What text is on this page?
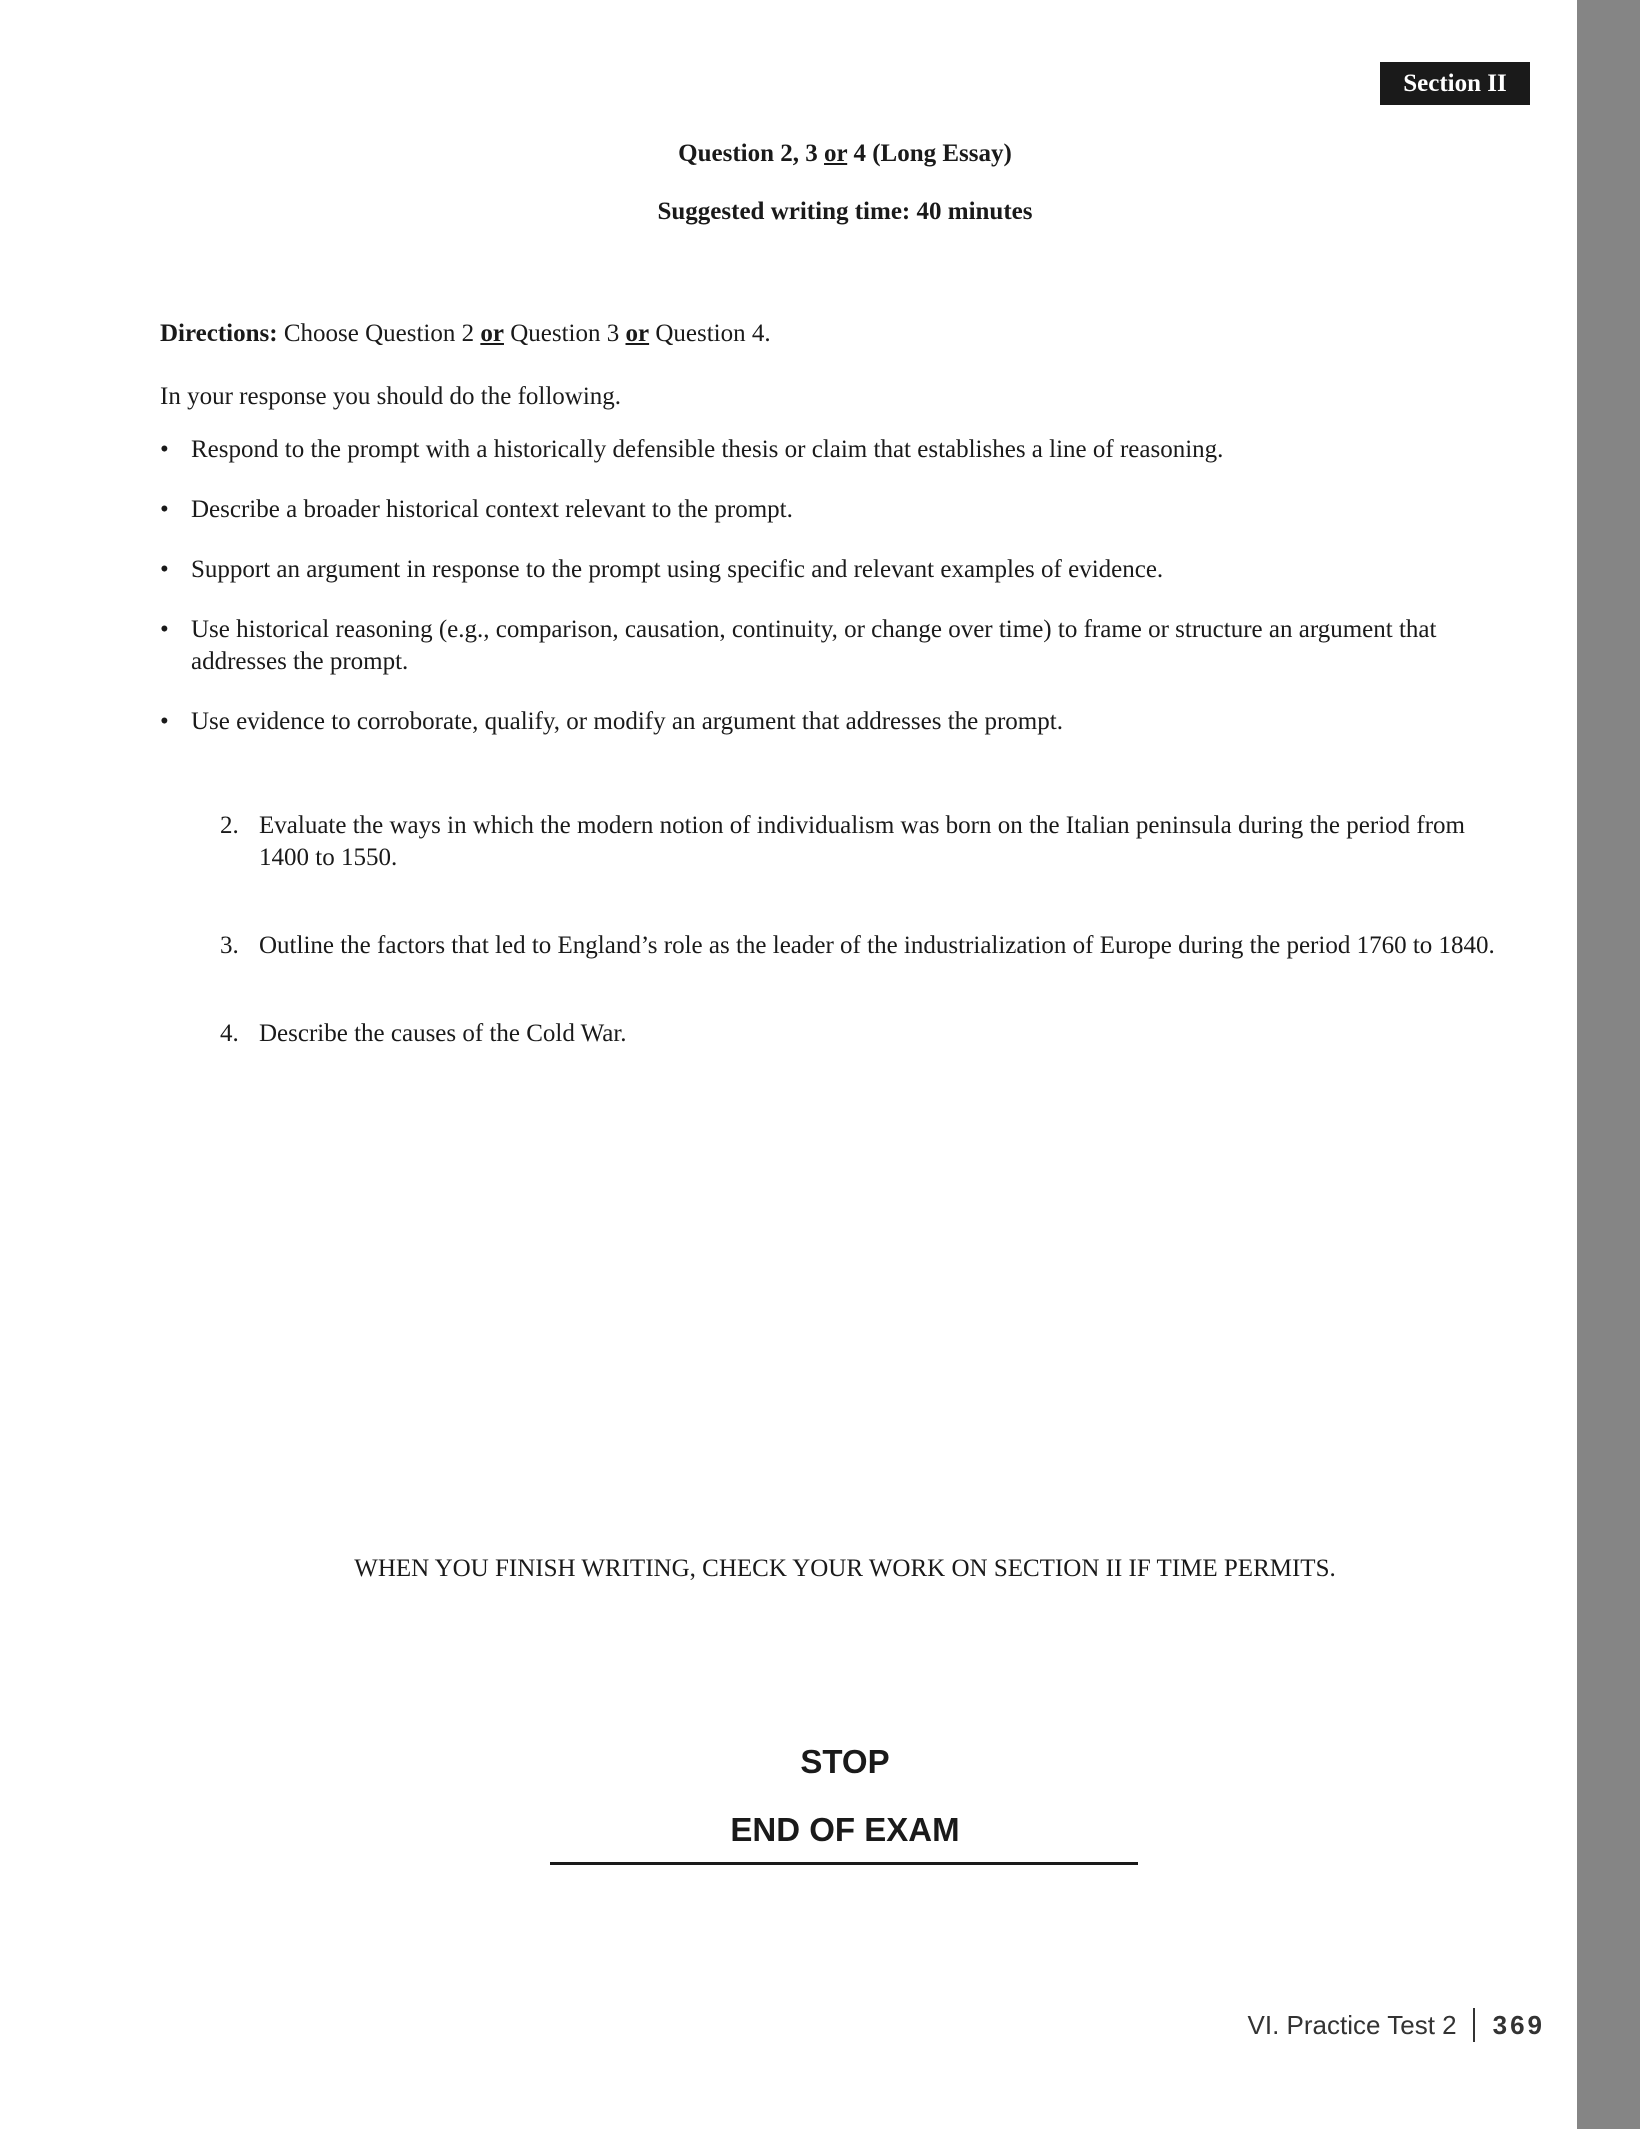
Section II
Question 2, 3 or 4 (Long Essay)
Suggested writing time: 40 minutes
Directions: Choose Question 2 or Question 3 or Question 4.
In your response you should do the following.
• Respond to the prompt with a historically defensible thesis or claim that establishes a line of reasoning.
• Describe a broader historical context relevant to the prompt.
• Support an argument in response to the prompt using specific and relevant examples of evidence.
• Use historical reasoning (e.g., comparison, causation, continuity, or change over time) to frame or structure an argument that addresses the prompt.
• Use evidence to corroborate, qualify, or modify an argument that addresses the prompt.
2. Evaluate the ways in which the modern notion of individualism was born on the Italian peninsula during the period from 1400 to 1550.
3. Outline the factors that led to England’s role as the leader of the industrialization of Europe during the period 1760 to 1840.
4. Describe the causes of the Cold War.
WHEN YOU FINISH WRITING, CHECK YOUR WORK ON SECTION II IF TIME PERMITS.
STOP
END OF EXAM
VI. Practice Test 2 369
